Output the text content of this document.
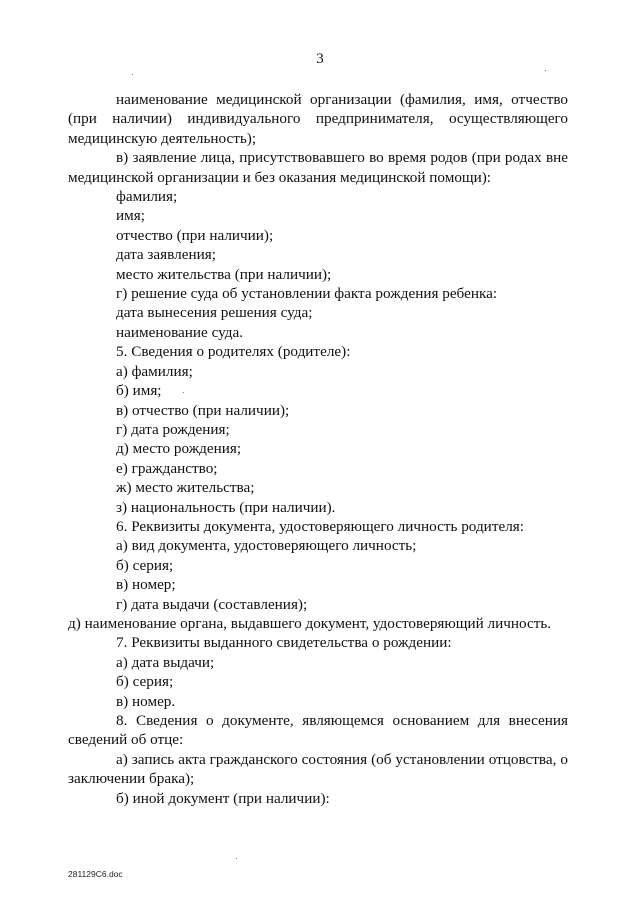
3

наименование медицинской организации (фамилия, имя, отчество (при наличии) индивидуального предпринимателя, осуществляющего медицинскую деятельность);

в) заявление лица, присутствовавшего во время родов (при родах вне медицинской организации и без оказания медицинской помощи):

фамилия;

имя;

отчество (при наличии);

дата заявления;

место жительства (при наличии);

г) решение суда об установлении факта рождения ребенка:

дата вынесения решения суда;

наименование суда.

5. Сведения о родителях (родителе):

а) фамилия;

б) имя;

в) отчество (при наличии);

г) дата рождения;

д) место рождения;

е) гражданство;

ж) место жительства;

з) национальность (при наличии).

6. Реквизиты документа, удостоверяющего личность родителя:

а) вид документа, удостоверяющего личность;

б) серия;

в) номер;

г) дата выдачи (составления);

д) наименование органа, выдавшего документ, удостоверяющий личность.

7. Реквизиты выданного свидетельства о рождении:

а) дата выдачи;

б) серия;

в) номер.

8. Сведения о документе, являющемся основанием для внесения сведений об отце:

а) запись акта гражданского состояния (об установлении отцовства, о заключении брака);

б) иной документ (при наличии):

281129C6.doc
